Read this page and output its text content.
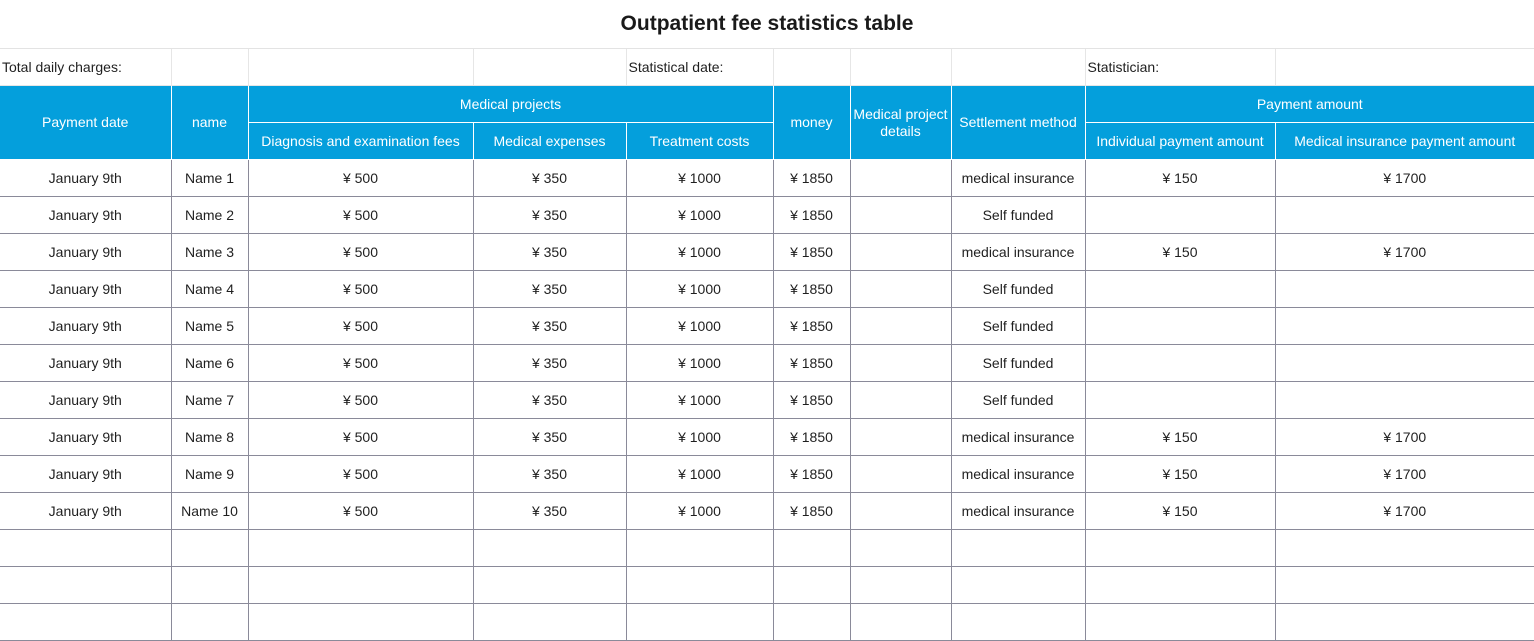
Outpatient fee statistics table
Total daily charges:				Statistical date:				Statistician:	
Payment date	name	Medical projects			money	Medical project details	Settlement method	Payment amount	
		Diagnosis and examination fees	Medical expenses	Treatment costs				Individual payment amount	Medical insurance payment amount
January 9th	Name 1	¥ 500	¥ 350	¥ 1000	¥ 1850		medical insurance	¥ 150	¥ 1700
January 9th	Name 2	¥ 500	¥ 350	¥ 1000	¥ 1850		Self funded		
January 9th	Name 3	¥ 500	¥ 350	¥ 1000	¥ 1850		medical insurance	¥ 150	¥ 1700
January 9th	Name 4	¥ 500	¥ 350	¥ 1000	¥ 1850		Self funded		
January 9th	Name 5	¥ 500	¥ 350	¥ 1000	¥ 1850		Self funded		
January 9th	Name 6	¥ 500	¥ 350	¥ 1000	¥ 1850		Self funded		
January 9th	Name 7	¥ 500	¥ 350	¥ 1000	¥ 1850		Self funded		
January 9th	Name 8	¥ 500	¥ 350	¥ 1000	¥ 1850		medical insurance	¥ 150	¥ 1700
January 9th	Name 9	¥ 500	¥ 350	¥ 1000	¥ 1850		medical insurance	¥ 150	¥ 1700
January 9th	Name 10	¥ 500	¥ 350	¥ 1000	¥ 1850		medical insurance	¥ 150	¥ 1700
